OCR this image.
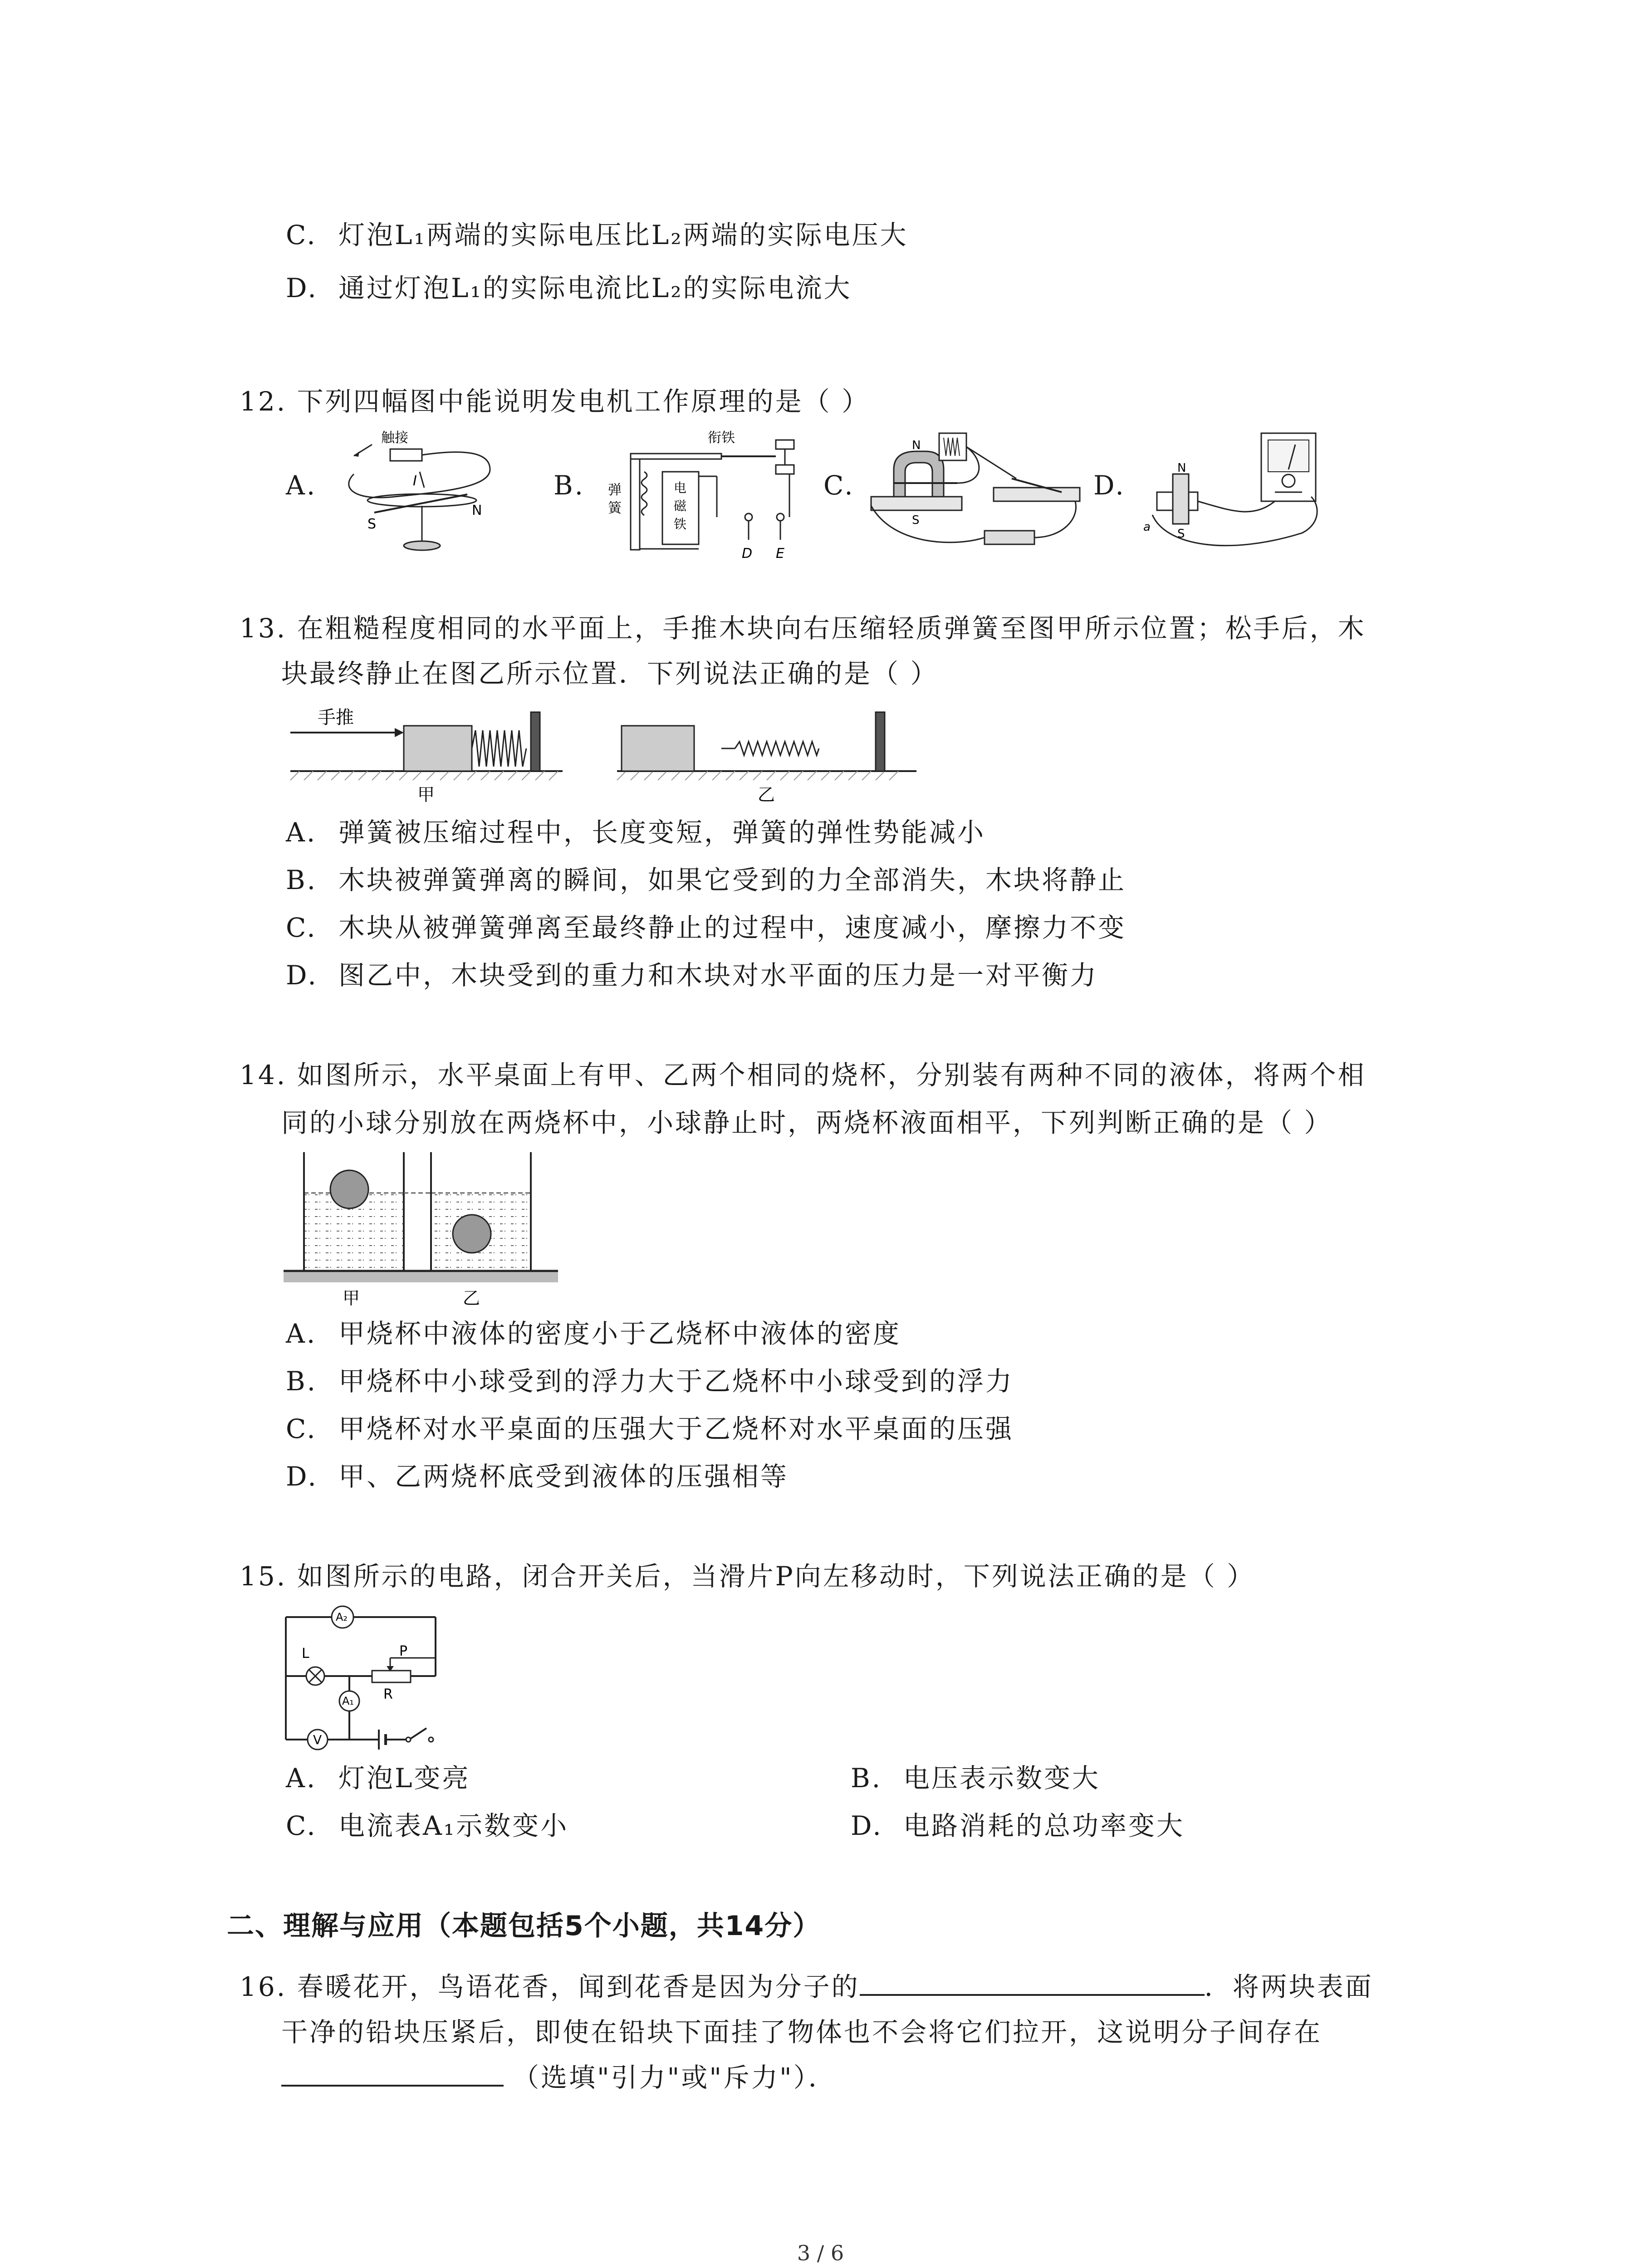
C. 灯泡L₁两端的实际电压比L₂两端的实际电压大
D. 通过灯泡L₁的实际电流比L₂的实际电流大
12. 下列四幅图中能说明发电机工作原理的是（ ）
A.	B.	C.	D.
触接
I
S
N
衔铁
弹
簧
电
磁
铁
D E
N
S
N
S
a
13. 在粗糙程度相同的水平面上，手推木块向右压缩轻质弹簧至图甲所示位置；松手后，木
块最终静止在图乙所示位置．下列说法正确的是（ ）
手推
甲	乙
A. 弹簧被压缩过程中，长度变短，弹簧的弹性势能减小
B. 木块被弹簧弹离的瞬间，如果它受到的力全部消失，木块将静止
C. 木块从被弹簧弹离至最终静止的过程中，速度减小，摩擦力不变
D. 图乙中，木块受到的重力和木块对水平面的压力是一对平衡力
14. 如图所示，水平桌面上有甲、乙两个相同的烧杯，分别装有两种不同的液体，将两个相
同的小球分别放在两烧杯中，小球静止时，两烧杯液面相平，下列判断正确的是（ ）
甲	乙
A. 甲烧杯中液体的密度小于乙烧杯中液体的密度
B. 甲烧杯中小球受到的浮力大于乙烧杯中小球受到的浮力
C. 甲烧杯对水平桌面的压强大于乙烧杯对水平桌面的压强
D. 甲、乙两烧杯底受到液体的压强相等
15. 如图所示的电路，闭合开关后，当滑片P向左移动时，下列说法正确的是（ ）
A₂
L	P
R
A₁
V
A. 灯泡L变亮	B. 电压表示数变大
C. 电流表A₁示数变小	D. 电路消耗的总功率变大
二、理解与应用（本题包括5个小题，共14分）
16. 春暖花开，鸟语花香，闻到花香是因为分子的	．将两块表面
干净的铅块压紧后，即使在铅块下面挂了物体也不会将它们拉开，这说明分子间存在
（选填"引力"或"斥力"）．
3 / 6
